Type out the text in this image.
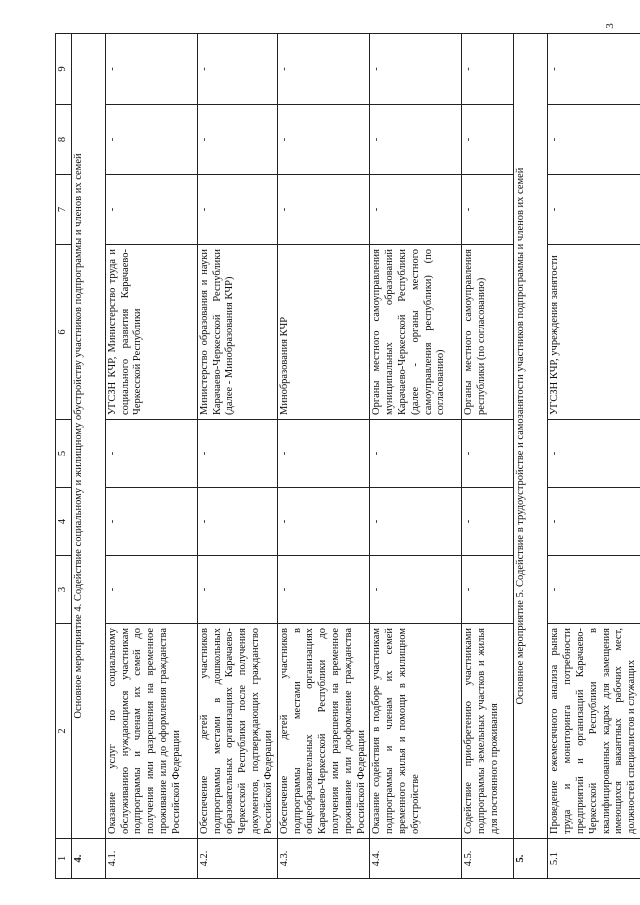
3
1	2	3	4	5	6	7	8	9
4.	Основное мероприятие 4. Содействие социальному и жилищному обустройству участников подпрограммы и членов их семей							
4.1.	Оказание услуг по социальному обслуживанию нуждающимся участникам подпрограммы и членам их семей до получения ими разрешения на временное проживание или до оформления гражданства Российской Федерации	-	-	-	УГСЗН КЧР, Министерство труда и социального развития Карачаево-Черкесской Республики	-	-	-
4.2.	Обеспечение детей участников подпрограммы местами в дошкольных образовательных организациях Карачаево-Черкесской Республики после получения документов, подтверждающих гражданство Российской Федерации	-	-	-	Министерство образования и науки Карачаево-Черкесской Республики (далее - Минобразования КЧР)	-	-	-
4.3.	Обеспечение детей участников подпрограммы местами в общеобразовательных организациях Карачаево-Черкесской Республики до получения ими разрешения на временное проживание или доофомление гражданства Российской Федерации	-	-	-	Минобразования КЧР	-	-	-
4.4.	Оказание содействия в подборе участникам подпрограммы и членам их семей временного жилья и помощи в жилищном обустройстве	-	-	-	Органы местного самоуправления муниципальных образований Карачаево-Черкесской Республики (далее - органы местного самоуправления республики) (по согласованию)	-	-	-
4.5.	Содействие приобретению участниками подпрограммы земельных участков и жилья для постоянного проживания	-	-	-	Органы местного самоуправления республики (по согласованию)	-	-	-
5.	Основное мероприятие 5. Содействие в трудоустройстве и самозанятости участников подпрограммы и членов их семей							
5.1	Проведение ежемесячного анализа рынка труда и мониторинга потребности предприятий и организаций Карачаево-Черкесской Республики в квалифицированных кадрах для замещения имеющихся вакантных рабочих мест, должностей специалистов и служащих	-	-	-	УГСЗН КЧР, учреждения занятости	-	-	-
